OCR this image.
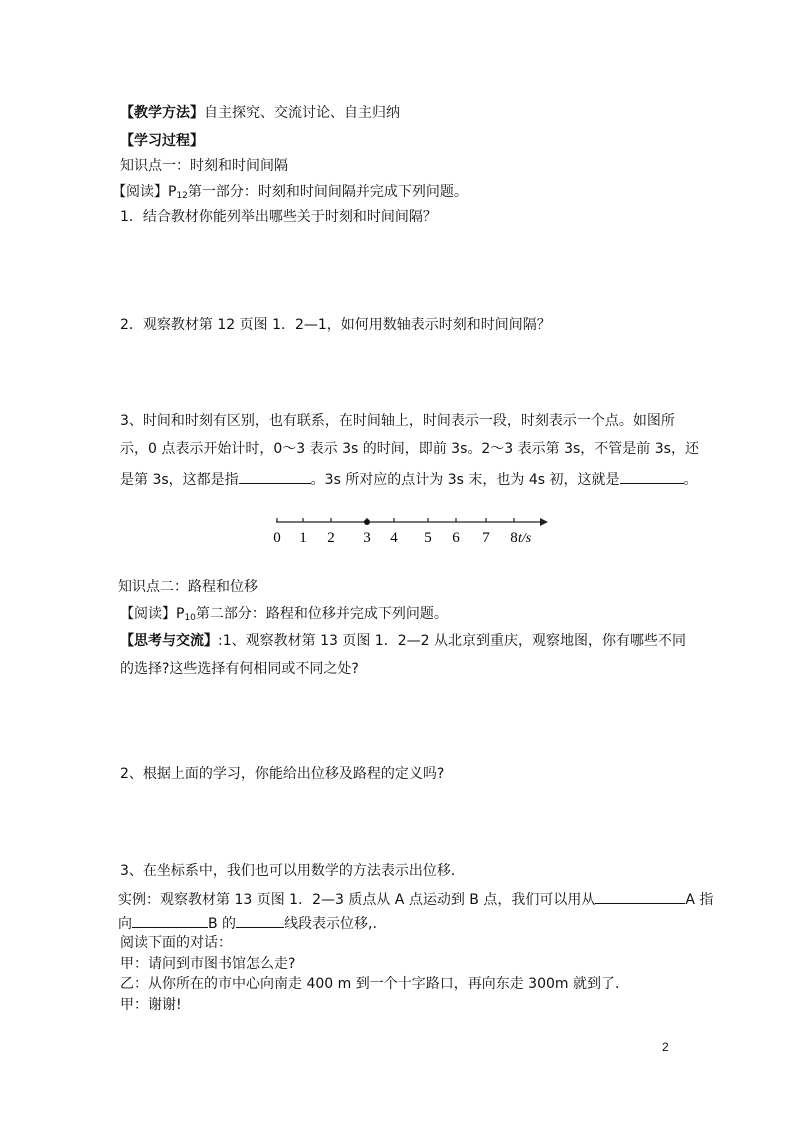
【教学方法】自主探究、交流讨论、自主归纳
【学习过程】
知识点一：时刻和时间间隔
【阅读】$P_{12}$第一部分：时刻和时间间隔并完成下列问题。
1．结合教材你能列举出哪些关于时刻和时间间隔？
2．观察教材第 12 页图 1．2—1，如何用数轴表示时刻和时间间隔？
3、时间和时刻有区别，也有联系，在时间轴上，时间表示一段，时刻表示一个点。如图所
示，0 点表示开始计时，0～3 表示 3s 的时间，即前 3s。2～3 表示第 3s，不管是前 3s，还
是第 3s，这都是指	。3s 所对应的点计为 3s 末，也为 4s 初，这就是	。
0 1 2 3 4 5 6 7 8 t/s
知识点二：路程和位移
【阅读】$P_{10}$第二部分：路程和位移并完成下列问题。
【思考与交流】:1、观察教材第 13 页图 1．2—2 从北京到重庆，观察地图，你有哪些不同
的选择?这些选择有何相同或不同之处?
2、根据上面的学习，你能给出位移及路程的定义吗?
3、在坐标系中，我们也可以用数学的方法表示出位移．
实例：观察教材第 13 页图 1．2—3 质点从 A 点运动到 B 点，我们可以用从	A 指
向	B 的	线段表示位移,.
阅读下面的对话：
甲：请问到市图书馆怎么走?
乙：从你所在的市中心向南走 400 m 到一个十字路口，再向东走 300m 就到了．
甲：谢谢!
2
